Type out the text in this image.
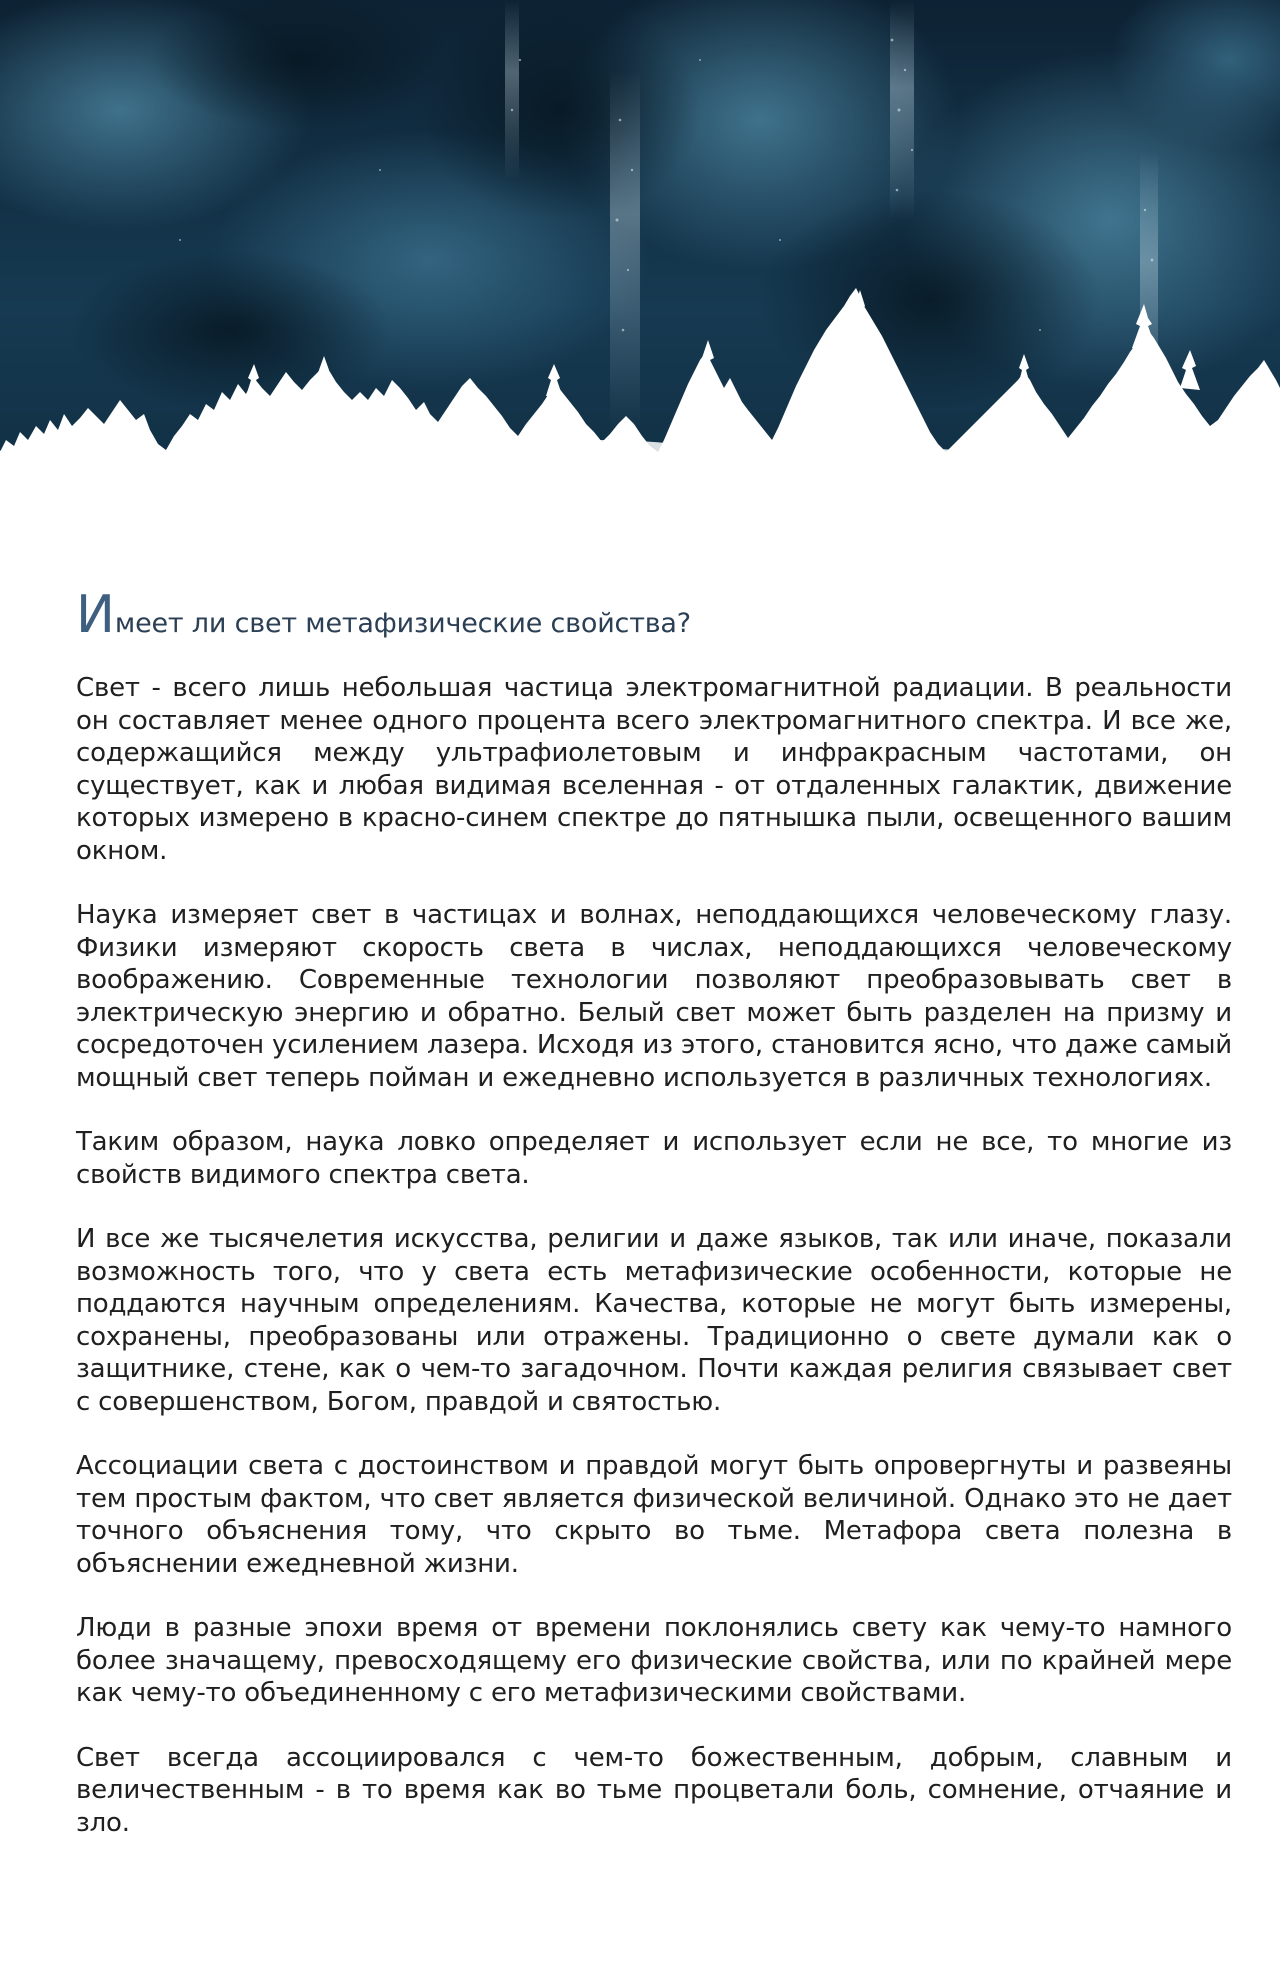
Имеет ли свет метафизические свойства?

Свет - всего лишь небольшая частица электромагнитной радиации. В реальности он составляет менее одного процента всего электромагнитного спектра. И все же, содержащийся между ультрафиолетовым и инфракрасным частотами, он существует, как и любая видимая вселенная - от отдаленных галактик, движение которых измерено в красно-синем спектре до пятнышка пыли, освещенного вашим окном.

Наука измеряет свет в частицах и волнах, неподдающихся человеческому глазу. Физики измеряют скорость света в числах, неподдающихся человеческому воображению. Современные технологии позволяют преобразовывать свет в электрическую энергию и обратно. Белый свет может быть разделен на призму и сосредоточен усилением лазера. Исходя из этого, становится ясно, что даже самый мощный свет теперь пойман и ежедневно используется в различных технологиях.

Таким образом, наука ловко определяет и использует если не все, то многие из свойств видимого спектра света.

И все же тысячелетия искусства, религии и даже языков, так или иначе, показали возможность того, что у света есть метафизические особенности, которые не поддаются научным определениям. Качества, которые не могут быть измерены, сохранены, преобразованы или отражены. Традиционно о свете думали как о защитнике, стене, как о чем-то загадочном. Почти каждая религия связывает свет с совершенством, Богом, правдой и святостью.

Ассоциации света с достоинством и правдой могут быть опровергнуты и развеяны тем простым фактом, что свет является физической величиной. Однако это не дает точного объяснения тому, что скрыто во тьме. Метафора света полезна в объяснении ежедневной жизни.

Люди в разные эпохи время от времени поклонялись свету как чему-то намного более значащему, превосходящему его физические свойства, или по крайней мере как чему-то объединенному с его метафизическими свойствами.

Свет всегда ассоциировался с чем-то божественным, добрым, славным и величественным - в то время как во тьме процветали боль, сомнение, отчаяние и зло.
